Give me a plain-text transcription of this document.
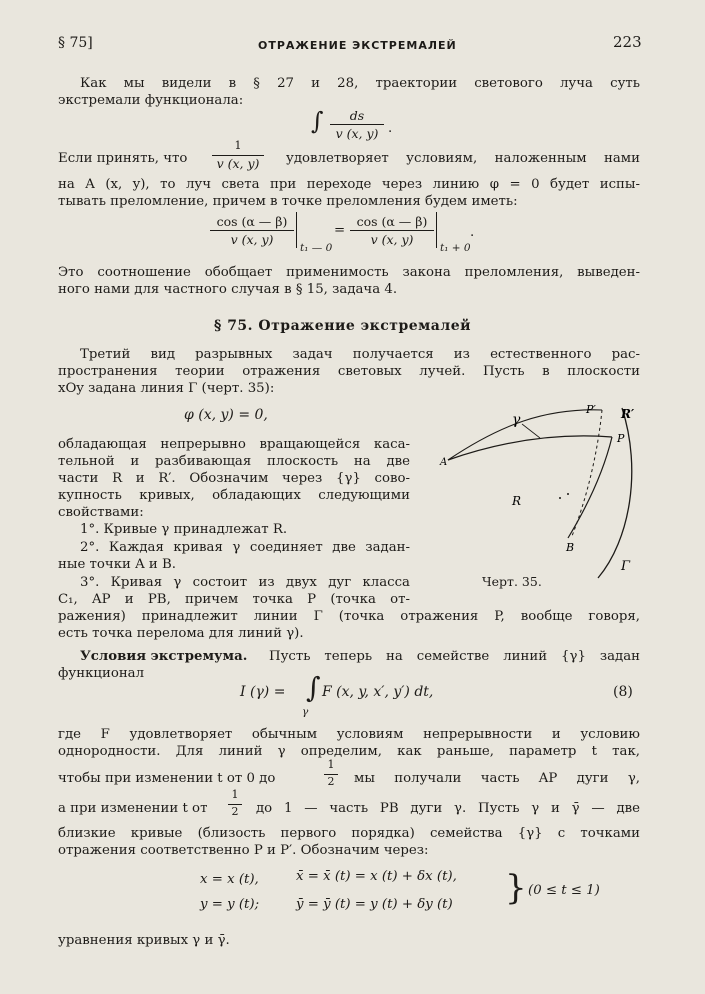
§ 75]	ОТРАЖЕНИЕ ЭКСТРЕМАЛЕЙ	223
Как мы видели в § 27 и 28, траектории светового луча суть
экстремали функционала:
∫	ds
v (x, y) .
Если принять, что
1
v (x, y)	удовлетворяет условиям, наложенным нами
на A (x, y), то луч света при переходе через линию φ = 0 будет испы-
тывать преломление, причем в точке преломления будем иметь:
cos (α — β)
v (x, y)
t₁ — 0
=
cos (α — β)
v (x, y)
t₁ + 0
.
Это соотношение обобщает применимость закона преломления, выведен-
ного нами для частного случая в § 15, задача 4.
§ 75. Отражение экстремалей
Третий вид разрывных задач получается из естественного рас-
пространения теории отражения световых лучей. Пусть в плоскости
xOy задана линия Γ (черт. 35):
φ (x, y) = 0,
обладающая непрерывно вращающейся каса-
тельной и разбивающая плоскость на две
части R и R′. Обозначим через {γ} сово-
купность кривых, обладающих следующими
свойствами:
1°. Кривые γ принадлежат R.
2°. Каждая кривая γ соединяет две задан-
ные точки A и B.
3°. Кривая γ состоит из двух дуг класса
C₁, AP и PB, причем точка P (точка от-
ражения) принадлежит линии Γ (точка отражения P, вообще говоря,
есть точка перелома для линий γ).
γ
P′ R′
P
A
R
B
Γ
Черт. 35.
Условия экстремума. Пусть теперь на семействе линий {γ} задан
функционал
I (γ) = ∫ F (x, y, x′, y′) dt,
γ
(8)
где F удовлетворяет обычным условиям непрерывности и условию
однородности. Для линий γ определим, как раньше, параметр t так,
чтобы при изменении t от 0 до
1
2 мы получали часть AP дуги γ,
а при изменении t от
1
2 до 1 — часть PB дуги γ. Пусть γ и γ̄ — две
близкие кривые (близость первого порядка) семейства {γ} с точками
отражения соответственно P и P′. Обозначим через:
x = x (t),	x̄ = x̄ (t) = x (t) + δx (t),
y = y (t);	ȳ = ȳ (t) = y (t) + δy (t) } (0 ≤ t ≤ 1)
уравнения кривых γ и γ̄.
